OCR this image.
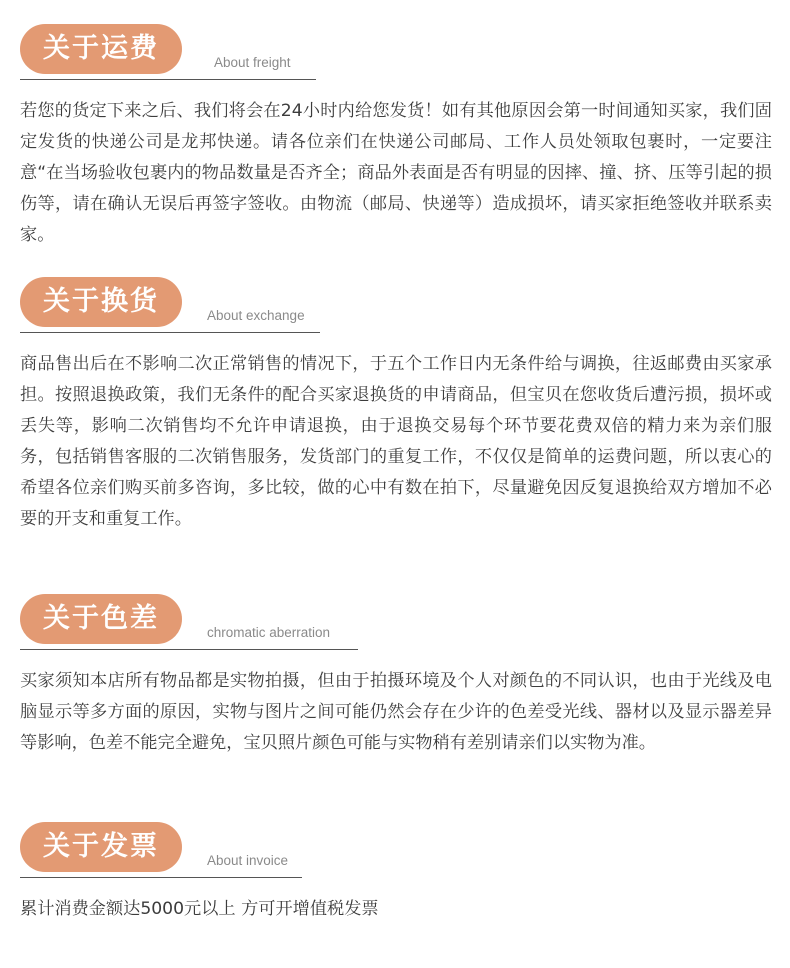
关于运费	About freight

若您的货定下来之后、我们将会在24小时内给您发货！如有其他原因会第一时间通知买家，我们固定发货的快递公司是龙邦快递。请各位亲们在快递公司邮局、工作人员处领取包裹时，一定要注意“在当场验收包裹内的物品数量是否齐全；商品外表面是否有明显的因摔、撞、挤、压等引起的损伤等，请在确认无误后再签字签收。由物流（邮局、快递等）造成损坏，请买家拒绝签收并联系卖家。

关于换货	About exchange

商品售出后在不影响二次正常销售的情况下，于五个工作日内无条件给与调换，往返邮费由买家承担。按照退换政策，我们无条件的配合买家退换货的申请商品，但宝贝在您收货后遭污损，损坏或丢失等，影响二次销售均不允许申请退换，由于退换交易每个环节要花费双倍的精力来为亲们服务，包括销售客服的二次销售服务，发货部门的重复工作，不仅仅是简单的运费问题，所以衷心的希望各位亲们购买前多咨询，多比较，做的心中有数在拍下，尽量避免因反复退换给双方增加不必要的开支和重复工作。

关于色差	chromatic aberration

买家须知本店所有物品都是实物拍摄，但由于拍摄环境及个人对颜色的不同认识，也由于光线及电脑显示等多方面的原因，实物与图片之间可能仍然会存在少许的色差受光线、器材以及显示器差异等影响，色差不能完全避免，宝贝照片颜色可能与实物稍有差别请亲们以实物为准。

关于发票	About invoice

累计消费金额达5000元以上 方可开增值税发票
